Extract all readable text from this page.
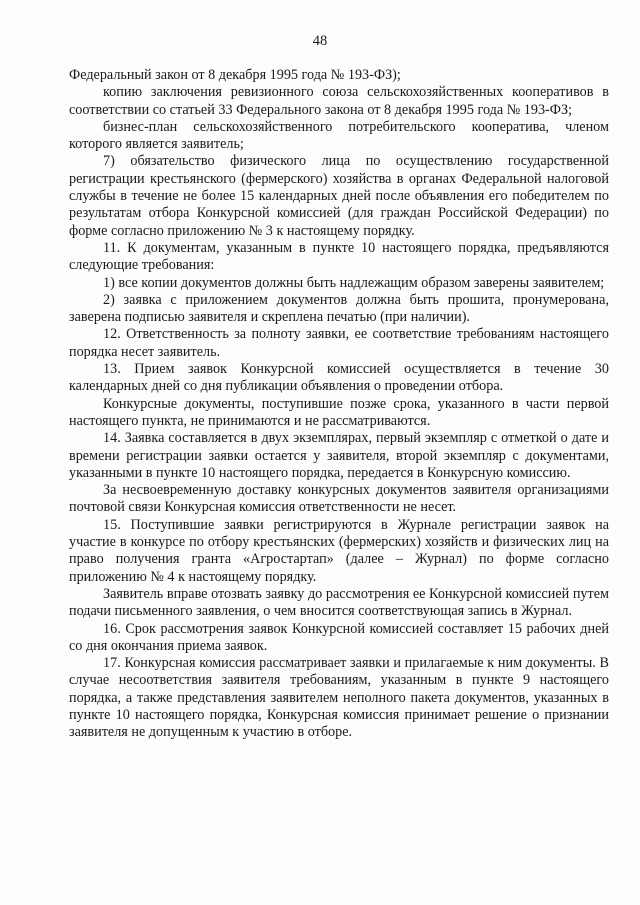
48

Федеральный закон от 8 декабря 1995 года № 193-ФЗ);

копию заключения ревизионного союза сельскохозяйственных кооперативов в соответствии со статьей 33 Федерального закона от 8 декабря 1995 года № 193-ФЗ;

бизнес-план сельскохозяйственного потребительского кооператива, членом которого является заявитель;

7) обязательство физического лица по осуществлению государственной регистрации крестьянского (фермерского) хозяйства в органах Федеральной налоговой службы в течение не более 15 календарных дней после объявления его победителем по результатам отбора Конкурсной комиссией (для граждан Российской Федерации) по форме согласно приложению № 3 к настоящему порядку.

11. К документам, указанным в пункте 10 настоящего порядка, предъявляются следующие требования:

1) все копии документов должны быть надлежащим образом заверены заявителем;

2) заявка с приложением документов должна быть прошита, пронумерована, заверена подписью заявителя и скреплена печатью (при наличии).

12. Ответственность за полноту заявки, ее соответствие требованиям настоящего порядка несет заявитель.

13. Прием заявок Конкурсной комиссией осуществляется в течение 30 календарных дней со дня публикации объявления о проведении отбора.

Конкурсные документы, поступившие позже срока, указанного в части первой настоящего пункта, не принимаются и не рассматриваются.

14. Заявка составляется в двух экземплярах, первый экземпляр с отметкой о дате и времени регистрации заявки остается у заявителя, второй экземпляр с документами, указанными в пункте 10 настоящего порядка, передается в Конкурсную комиссию.

За несвоевременную доставку конкурсных документов заявителя организациями почтовой связи Конкурсная комиссия ответственности не несет.

15. Поступившие заявки регистрируются в Журнале регистрации заявок на участие в конкурсе по отбору крестьянских (фермерских) хозяйств и физических лиц на право получения гранта «Агростартап» (далее – Журнал) по форме согласно приложению № 4 к настоящему порядку.

Заявитель вправе отозвать заявку до рассмотрения ее Конкурсной комиссией путем подачи письменного заявления, о чем вносится соответствующая запись в Журнал.

16. Срок рассмотрения заявок Конкурсной комиссией составляет 15 рабочих дней со дня окончания приема заявок.

17. Конкурсная комиссия рассматривает заявки и прилагаемые к ним документы. В случае несоответствия заявителя требованиям, указанным в пункте 9 настоящего порядка, а также представления заявителем неполного пакета документов, указанных в пункте 10 настоящего порядка, Конкурсная комиссия принимает решение о признании заявителя не допущенным к участию в отборе.
